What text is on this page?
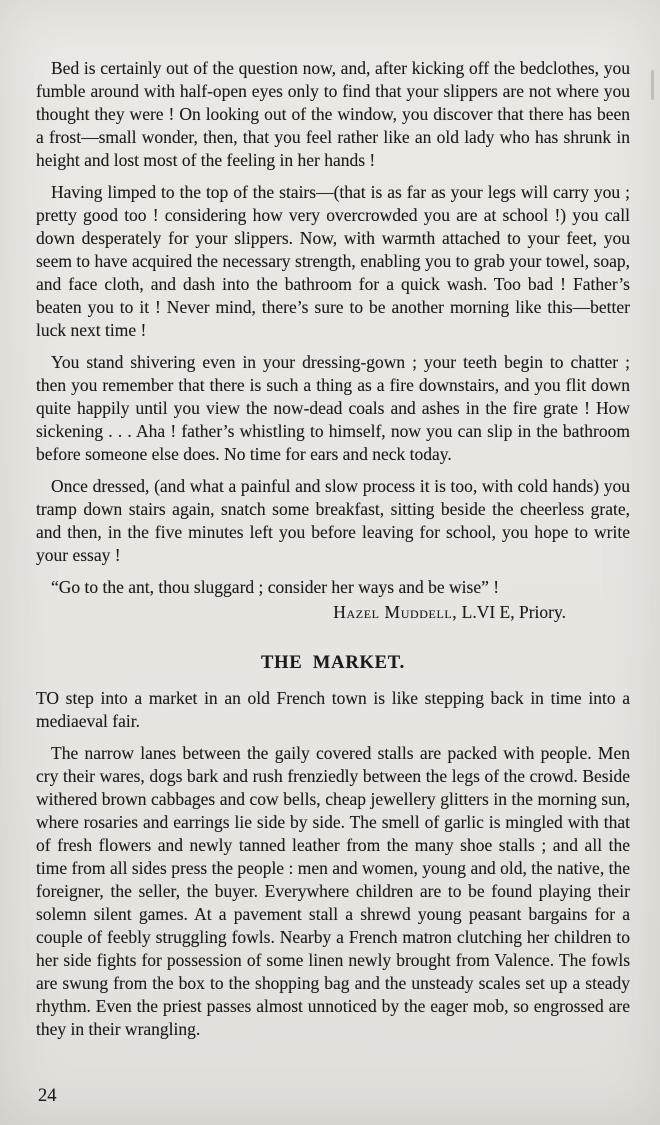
Bed is certainly out of the question now, and, after kicking off the bedclothes, you fumble around with half-open eyes only to find that your slippers are not where you thought they were ! On looking out of the window, you discover that there has been a frost—small wonder, then, that you feel rather like an old lady who has shrunk in height and lost most of the feeling in her hands !

Having limped to the top of the stairs—(that is as far as your legs will carry you ; pretty good too ! considering how very overcrowded you are at school !) you call down desperately for your slippers. Now, with warmth attached to your feet, you seem to have acquired the necessary strength, enabling you to grab your towel, soap, and face cloth, and dash into the bathroom for a quick wash. Too bad ! Father’s beaten you to it ! Never mind, there’s sure to be another morning like this—better luck next time !

You stand shivering even in your dressing-gown ; your teeth begin to chatter ; then you remember that there is such a thing as a fire downstairs, and you flit down quite happily until you view the now-dead coals and ashes in the fire grate ! How sickening . . . Aha ! father’s whistling to himself, now you can slip in the bathroom before someone else does. No time for ears and neck today.

Once dressed, (and what a painful and slow process it is too, with cold hands) you tramp down stairs again, snatch some breakfast, sitting beside the cheerless grate, and then, in the five minutes left you before leaving for school, you hope to write your essay !

“Go to the ant, thou sluggard ; consider her ways and be wise” !

Hazel Muddell, L.VI E, Priory.

THE MARKET.

TO step into a market in an old French town is like stepping back in time into a mediaeval fair.

The narrow lanes between the gaily covered stalls are packed with people. Men cry their wares, dogs bark and rush frenziedly between the legs of the crowd. Beside withered brown cabbages and cow bells, cheap jewellery glitters in the morning sun, where rosaries and earrings lie side by side. The smell of garlic is mingled with that of fresh flowers and newly tanned leather from the many shoe stalls ; and all the time from all sides press the people : men and women, young and old, the native, the foreigner, the seller, the buyer. Everywhere children are to be found playing their solemn silent games. At a pavement stall a shrewd young peasant bargains for a couple of feebly struggling fowls. Nearby a French matron clutching her children to her side fights for possession of some linen newly brought from Valence. The fowls are swung from the box to the shopping bag and the unsteady scales set up a steady rhythm. Even the priest passes almost unnoticed by the eager mob, so engrossed are they in their wrangling.

24
